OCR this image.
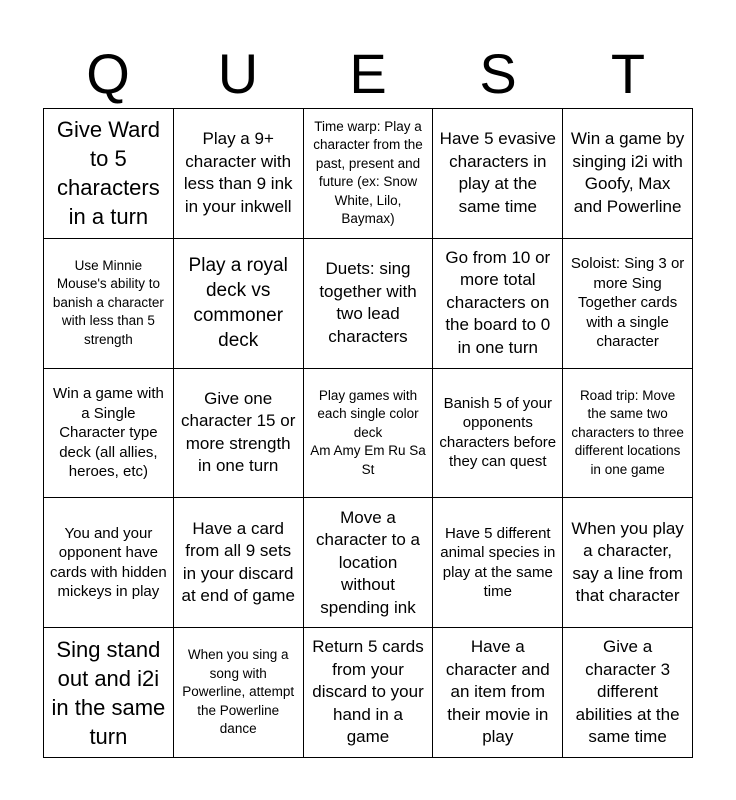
Q	U	E	S	T
Give Ward to 5 characters in a turn
Play a 9+ character with less than 9 ink in your inkwell
Time warp: Play a character from the past, present and future (ex: Snow White, Lilo, Baymax)
Have 5 evasive characters in play at the same time
Win a game by singing i2i with Goofy, Max and Powerline
Use Minnie Mouse's ability to banish a character with less than 5 strength
Play a royal deck vs commoner deck
Duets: sing together with two lead characters
Go from 10 or more total characters on the board to 0 in one turn
Soloist: Sing 3 or more Sing Together cards with a single character
Win a game with a Single Character type deck (all allies, heroes, etc)
Give one character 15 or more strength in one turn
Play games with each single color deck
Am Amy Em Ru Sa St
Banish 5 of your opponents characters before they can quest
Road trip: Move the same two characters to three different locations in one game
You and your opponent have cards with hidden mickeys in play
Have a card from all 9 sets in your discard at end of game
Move a character to a location without spending ink
Have 5 different animal species in play at the same time
When you play a character, say a line from that character
Sing stand out and i2i in the same turn
When you sing a song with Powerline, attempt the Powerline dance
Return 5 cards from your discard to your hand in a game
Have a character and an item from their movie in play
Give a character 3 different abilities at the same time
